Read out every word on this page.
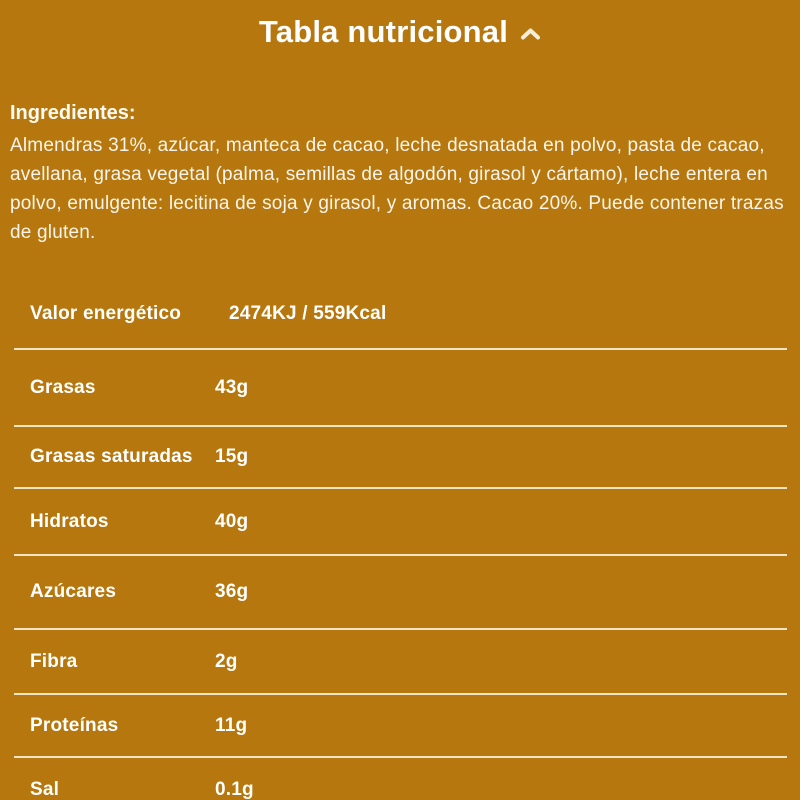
Tabla nutricional
Ingredientes:
Almendras 31%, azúcar, manteca de cacao, leche desnatada en polvo, pasta de cacao, avellana, grasa vegetal (palma, semillas de algodón, girasol y cártamo), leche entera en polvo, emulgente: lecitina de soja y girasol, y aromas. Cacao 20%. Puede contener trazas de gluten.
Valor energético	2474KJ / 559Kcal
Grasas	43g
Grasas saturadas	15g
Hidratos	40g
Azúcares	36g
Fibra	2g
Proteínas	11g
Sal	0.1g
